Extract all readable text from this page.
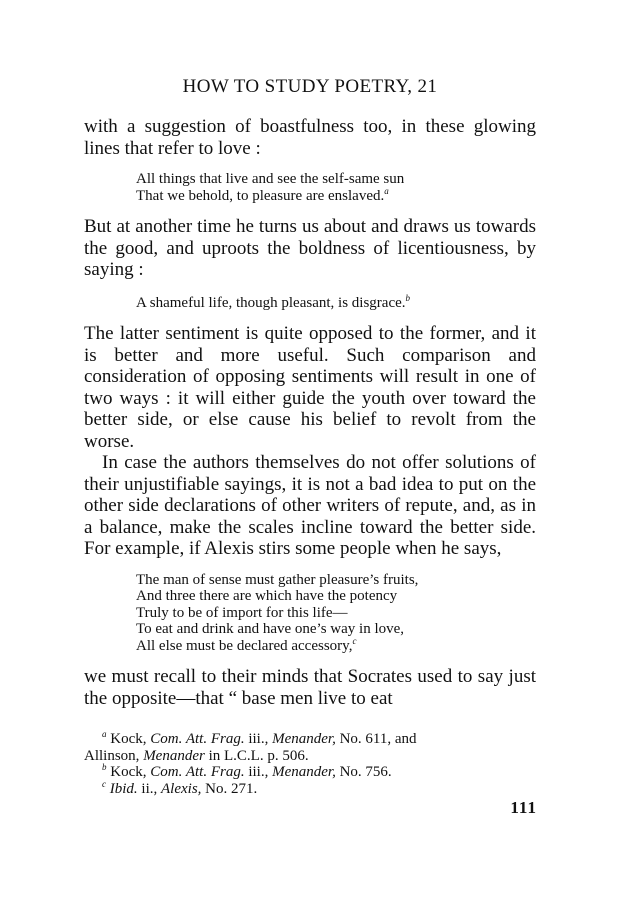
HOW TO STUDY POETRY, 21

with a suggestion of boastfulness too, in these glowing lines that refer to love :

All things that live and see the self-same sun
That we behold, to pleasure are enslaved.$^a$

But at another time he turns us about and draws us towards the good, and uproots the boldness of licentiousness, by saying :

A shameful life, though pleasant, is disgrace.$^b$

The latter sentiment is quite opposed to the former, and it is better and more useful. Such comparison and consideration of opposing sentiments will result in one of two ways : it will either guide the youth over toward the better side, or else cause his belief to revolt from the worse.

In case the authors themselves do not offer solutions of their unjustifiable sayings, it is not a bad idea to put on the other side declarations of other writers of repute, and, as in a balance, make the scales incline toward the better side. For example, if Alexis stirs some people when he says,

The man of sense must gather pleasure’s fruits,
And three there are which have the potency
Truly to be of import for this life—
To eat and drink and have one’s way in love,
All else must be declared accessory,$^c$

we must recall to their minds that Socrates used to say just the opposite—that “ base men live to eat

$^a$ Kock, Com. Att. Frag. iii., Menander, No. 611, and
Allinson, Menander in L.C.L. p. 506.
$^b$ Kock, Com. Att. Frag. iii., Menander, No. 756.
$^c$ Ibid. ii., Alexis, No. 271.
111
